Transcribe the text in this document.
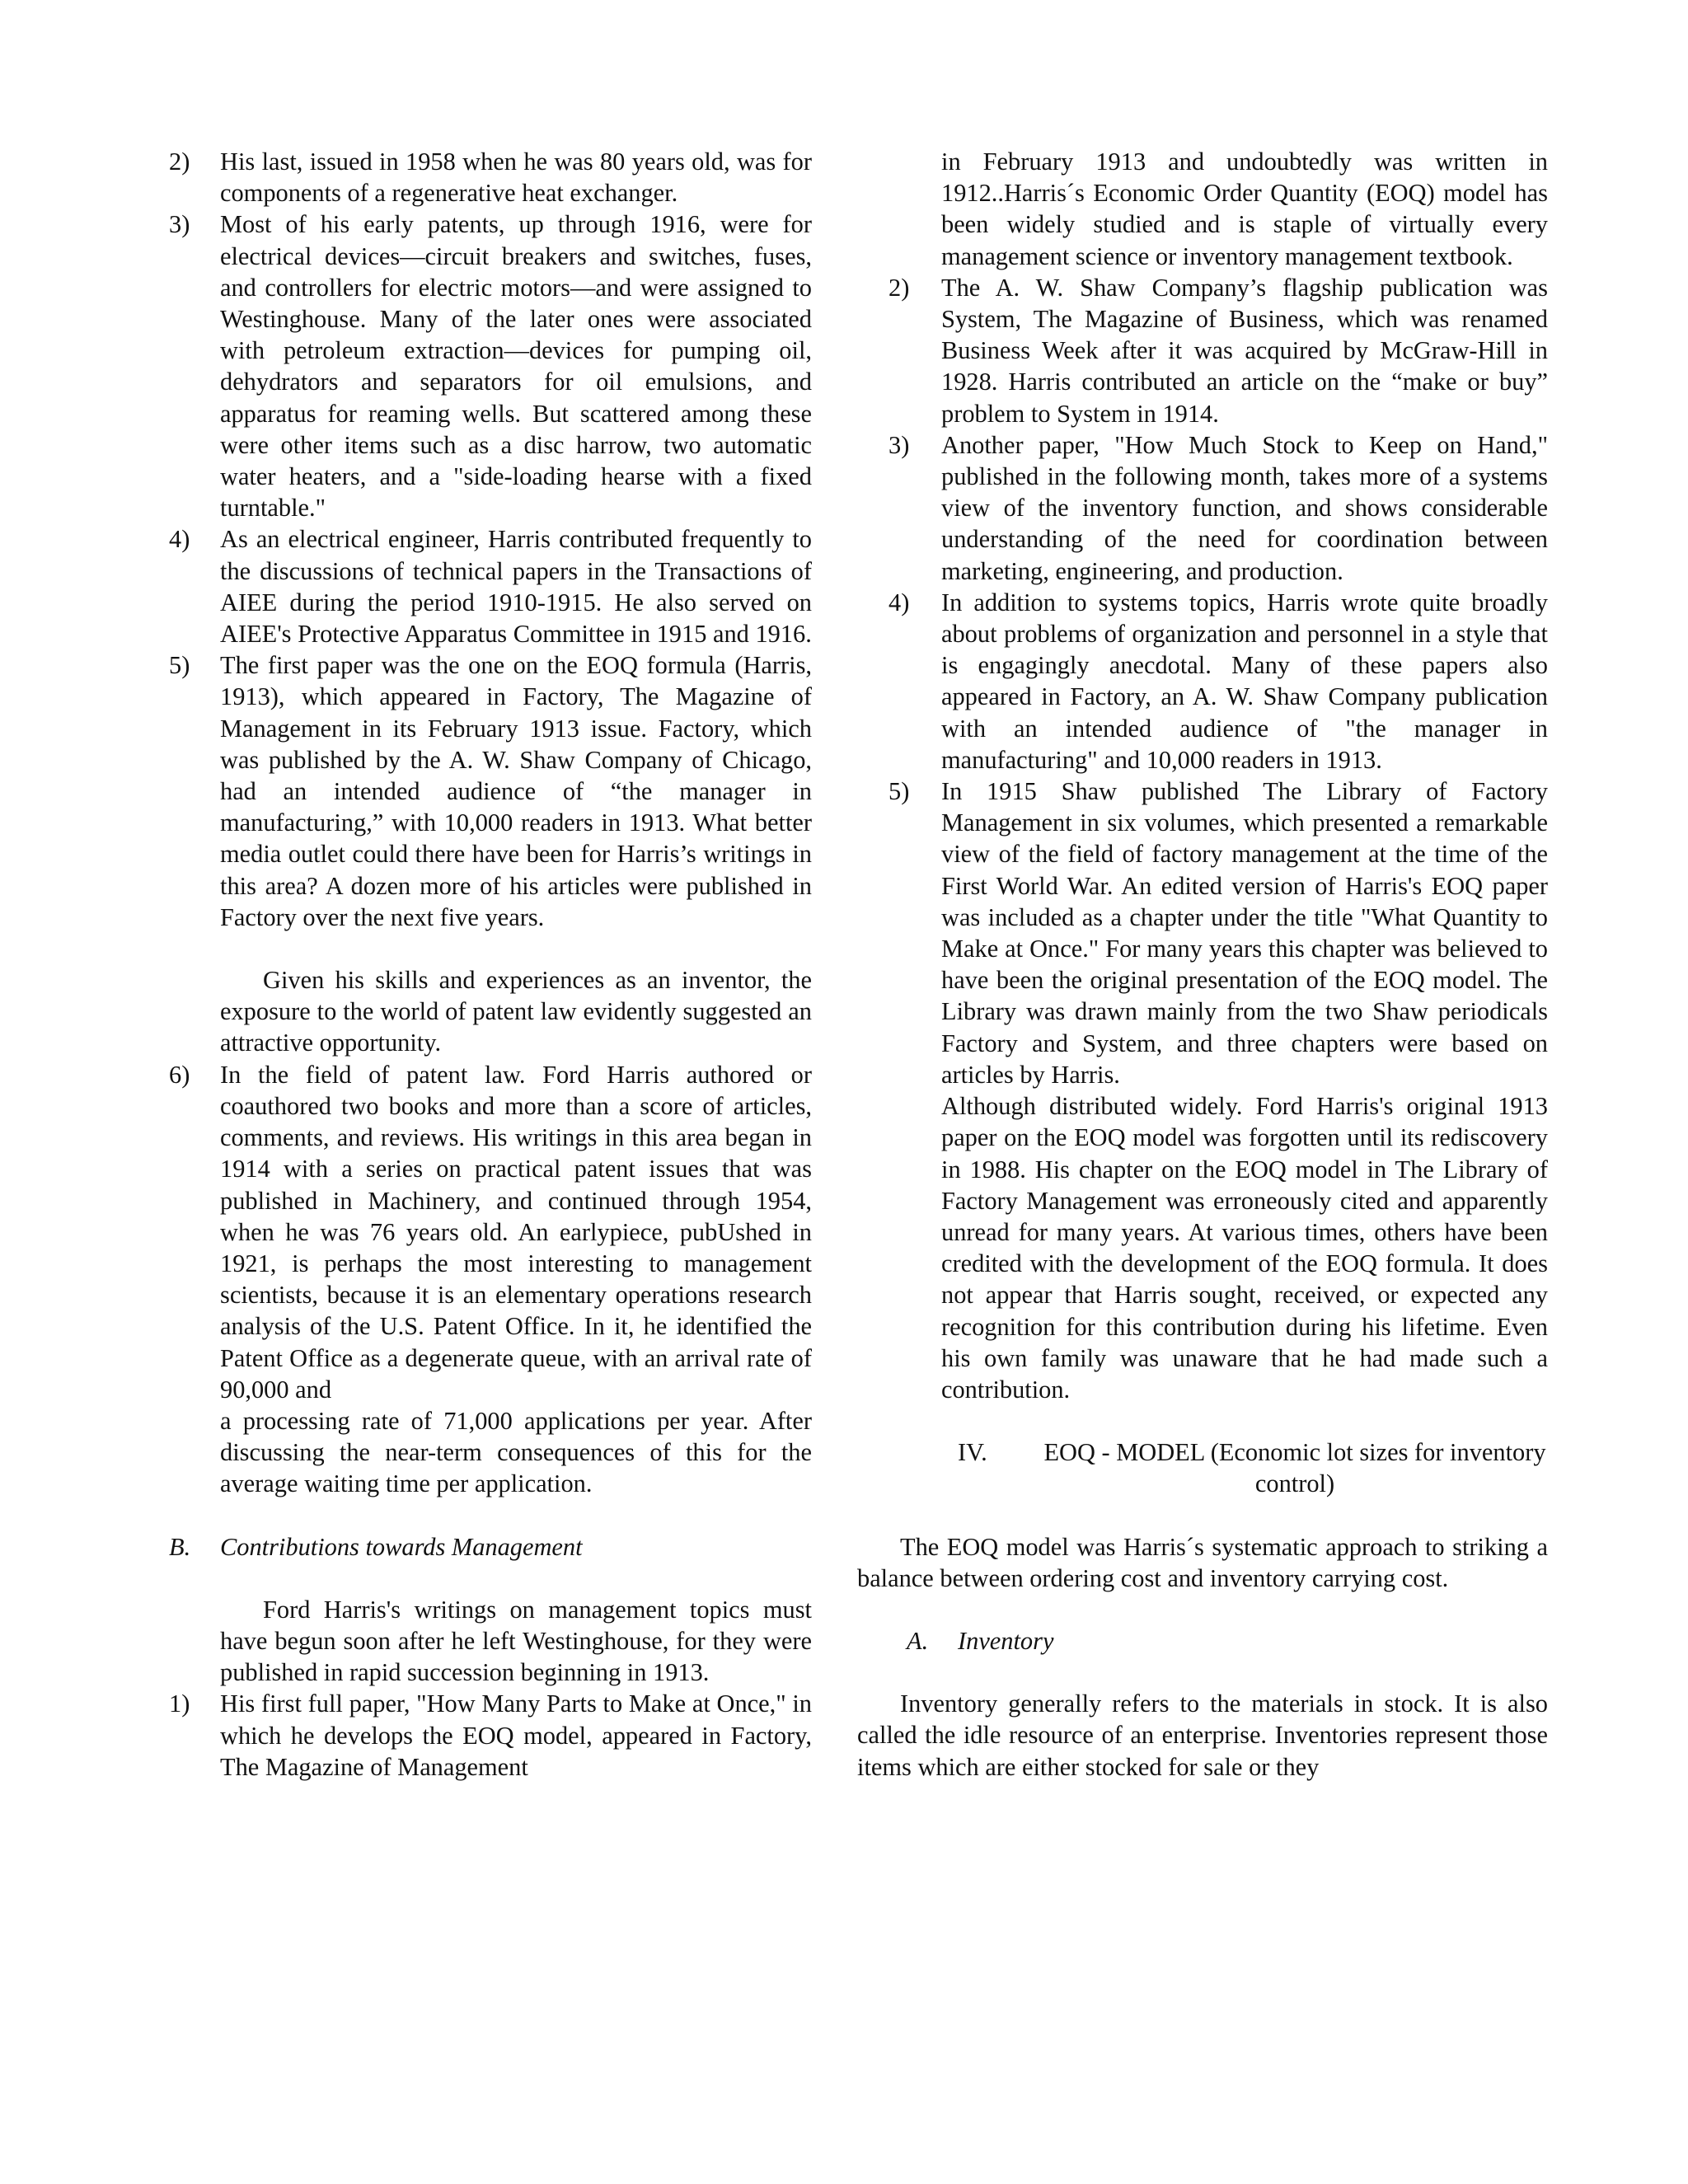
2) His last, issued in 1958 when he was 80 years old, was for components of a regenerative heat exchanger.
3) Most of his early patents, up through 1916, were for electrical devices—circuit breakers and switches, fuses, and controllers for electric motors—and were assigned to Westinghouse. Many of the later ones were associated with petroleum extraction—devices for pumping oil, dehydrators and separators for oil emulsions, and apparatus for reaming wells. But scattered among these were other items such as a disc harrow, two automatic water heaters, and a "side-loading hearse with a fixed turntable."
4) As an electrical engineer, Harris contributed frequently to the discussions of technical papers in the Transactions of AIEE during the period 1910-1915. He also served on AIEE's Protective Apparatus Committee in 1915 and 1916.
5) The first paper was the one on the EOQ formula (Harris, 1913), which appeared in Factory, The Magazine of Management in its February 1913 issue. Factory, which was published by the A. W. Shaw Company of Chicago, had an intended audience of “the manager in manufacturing,” with 10,000 readers in 1913. What better media outlet could there have been for Harris’s writings in this area? A dozen more of his articles were published in Factory over the next five years.

Given his skills and experiences as an inventor, the exposure to the world of patent law evidently suggested an attractive opportunity.

6) In the field of patent law. Ford Harris authored or coauthored two books and more than a score of articles, comments, and reviews. His writings in this area began in 1914 with a series on practical patent issues that was published in Machinery, and continued through 1954, when he was 76 years old. An earlypiece, pubUshed in 1921, is perhaps the most interesting to management scientists, because it is an elementary operations research analysis of the U.S. Patent Office. In it, he identified the Patent Office as a degenerate queue, with an arrival rate of 90,000 and
a processing rate of 71,000 applications per year. After discussing the near-term consequences of this for the average waiting time per application.
B. Contributions towards Management

Ford Harris's writings on management topics must have begun soon after he left Westinghouse, for they were published in rapid succession beginning in 1913.

1) His first full paper, "How Many Parts to Make at Once," in which he develops the EOQ model, appeared in Factory, The Magazine of Management

in February 1913 and undoubtedly was written in 1912..Harris´s Economic Order Quantity (EOQ) model has been widely studied and is staple of virtually every management science or inventory management textbook.

2) The A. W. Shaw Company’s flagship publication was System, The Magazine of Business, which was renamed Business Week after it was acquired by McGraw-Hill in 1928. Harris contributed an article on the “make or buy” problem to System in 1914.
3) Another paper, "How Much Stock to Keep on Hand," published in the following month, takes more of a systems view of the inventory function, and shows considerable understanding of the need for coordination between marketing, engineering, and production.
4) In addition to systems topics, Harris wrote quite broadly about problems of organization and personnel in a style that is engagingly anecdotal. Many of these papers also appeared in Factory, an A. W. Shaw Company publication with an intended audience of "the manager in manufacturing" and 10,000 readers in 1913.
5) In 1915 Shaw published The Library of Factory Management in six volumes, which presented a remarkable view of the field of factory management at the time of the First World War. An edited version of Harris's EOQ paper was included as a chapter under the title "What Quantity to Make at Once." For many years this chapter was believed to have been the original presentation of the EOQ model. The Library was drawn mainly from the two Shaw periodicals Factory and System, and three chapters were based on articles by Harris.

Although distributed widely. Ford Harris's original 1913 paper on the EOQ model was forgotten until its rediscovery in 1988. His chapter on the EOQ model in The Library of Factory Management was erroneously cited and apparently unread for many years. At various times, others have been credited with the development of the EOQ formula. It does not appear that Harris sought, received, or expected any recognition for this contribution during his lifetime. Even his own family was unaware that he had made such a contribution.

IV.	EOQ - MODEL (Economic lot sizes for inventory control)

The EOQ model was Harris´s systematic approach to striking a balance between ordering cost and inventory carrying cost.

A. Inventory

Inventory generally refers to the materials in stock. It is also called the idle resource of an enterprise. Inventories represent those items which are either stocked for sale or they
